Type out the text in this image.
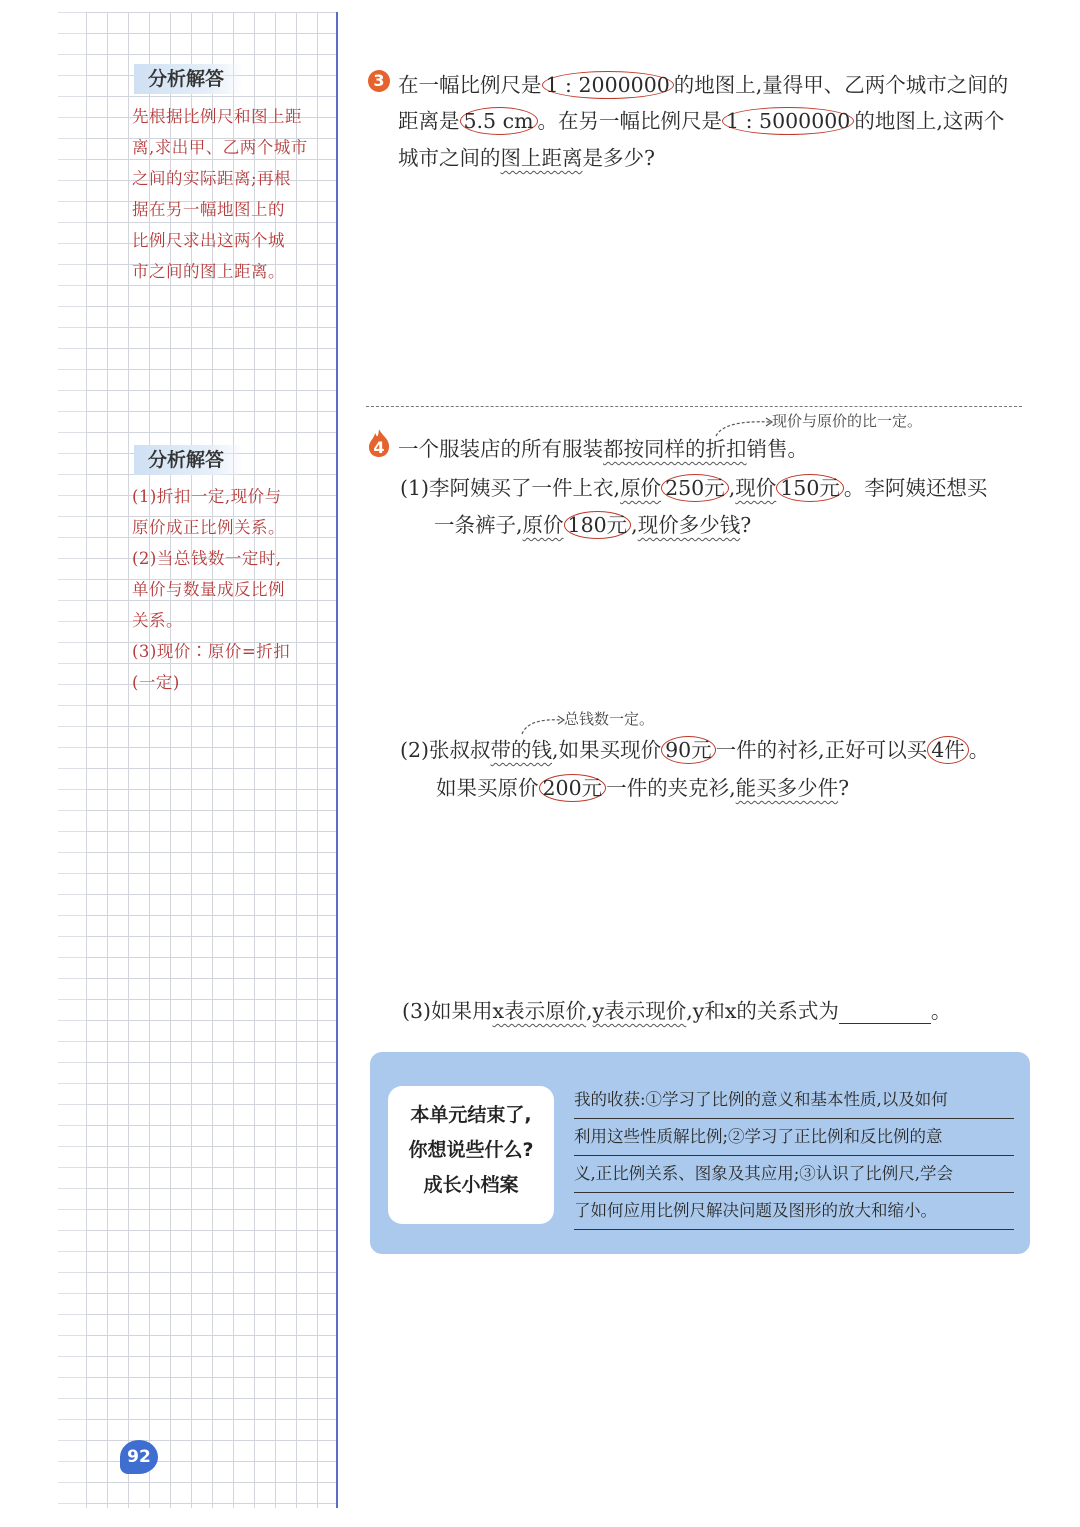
分析解答
先根据比例尺和图上距
离,求出甲、乙两个城市
之间的实际距离;再根
据在另一幅地图上的
比例尺求出这两个城
市之间的图上距离。
分析解答
(1)折扣一定,现价与
原价成正比例关系。
(2)当总钱数一定时,
单价与数量成反比例
关系。
(3)现价∶原价=折扣
(一定)
3 在一幅比例尺是 1 : 2000000 的地图上,量得甲、乙两个城市之间的
距离是 5.5 cm 。在另一幅比例尺是 1 : 5000000 的地图上,这两个
城市之间的图上距离是多少?
4
现价与原价的比一定。
一个服装店的所有服装都按同样的折扣销售。
(1)李阿姨买了一件上衣,原价 250元 ,现价 150元 。李阿姨还想买
一条裤子,原价 180元 ,现价多少钱?
总钱数一定。
(2)张叔叔带的钱,如果买现价 90元 一件的衬衫,正好可以买 4件 。
如果买原价 200元 一件的夹克衫,能买多少件?
(3)如果用x表示原价,y表示现价,y和x的关系式为	。
本单元结束了,
你想说些什么?
成长小档案
我的收获:①学习了比例的意义和基本性质,以及如何
利用这些性质解比例;②学习了正比例和反比例的意
义,正比例关系、图象及其应用;③认识了比例尺,学会
了如何应用比例尺解决问题及图形的放大和缩小。
92
